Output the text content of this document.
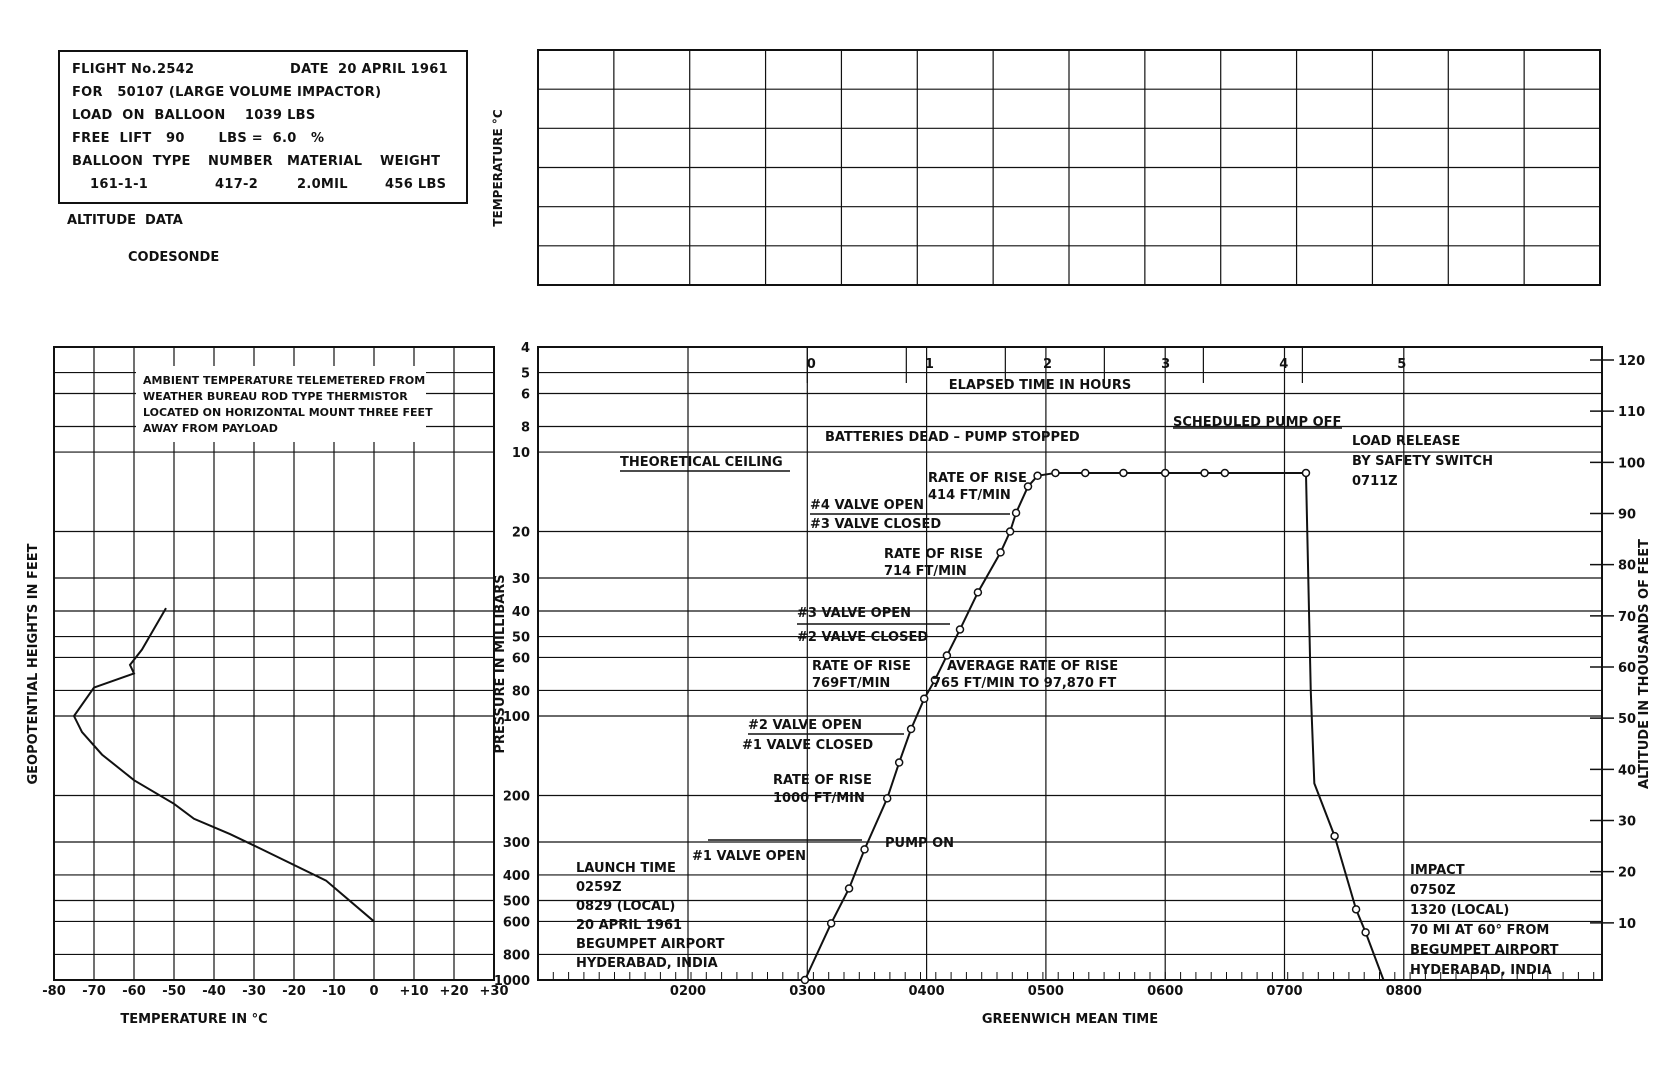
FLIGHT No. 2542	DATE 20 APRIL 1961
FOR   50107 (LARGE VOLUME IMPACTOR)
LOAD  ON  BALLOON    1039 LBS
FREE  LIFT   90       LBS =  6.0   %
BALLOON  TYPE NUMBER MATERIAL WEIGHT
161-1-1	417-2	2.0MIL	456 LBS
ALTITUDE  DATA
CODESONDE
TEMPERATURE °C
-80 -70 -60 -50 -40 -30 -20 -10 0 +10 +20 +30
TEMPERATURE IN °C
GEOPOTENTIAL HEIGHTS IN FEET
4
5
6
8
10
20
30
40
50
60
80
100
200
300
400
500
600
800
1000
0200	0300	0400	0500	0600	0700	0800
0	1	2	3	4	5
ELAPSED TIME IN HOURS
GREENWICH MEAN TIME
PRESSURE IN MILLIBARS	ALTITUDE IN THOUSANDS OF FEET
10
20
30
40
50
60
70
80
90
100
110
120
AMBIENT TEMPERATURE TELEMETERED FROM WEATHER BUREAU ROD TYPE THERMISTOR LOCATED ON HORIZONTAL MOUNT THREE FEET AWAY FROM PAYLOAD
THEORETICAL CEILING
BATTERIES DEAD – PUMP STOPPED
SCHEDULED PUMP OFF
LOAD RELEASE
BY SAFETY SWITCH
0711Z
RATE OF RISE
414 FT/MIN
#4 VALVE OPEN
#3 VALVE CLOSED
RATE OF RISE
714 FT/MIN
#3 VALVE OPEN
#2 VALVE CLOSED
RATE OF RISE
769FT/MIN
AVERAGE RATE OF RISE
765 FT/MIN TO 97,870 FT
#2 VALVE OPEN
#1 VALVE CLOSED
RATE OF RISE
1000 FT/MIN
PUMP ON
#1 VALVE OPEN
LAUNCH TIME
0259Z
0829 (LOCAL)
20 APRIL 1961
BEGUMPET AIRPORT
HYDERABAD, INDIA
IMPACT
0750Z
1320 (LOCAL)
70 MI AT 60° FROM
BEGUMPET AIRPORT
HYDERABAD, INDIA
